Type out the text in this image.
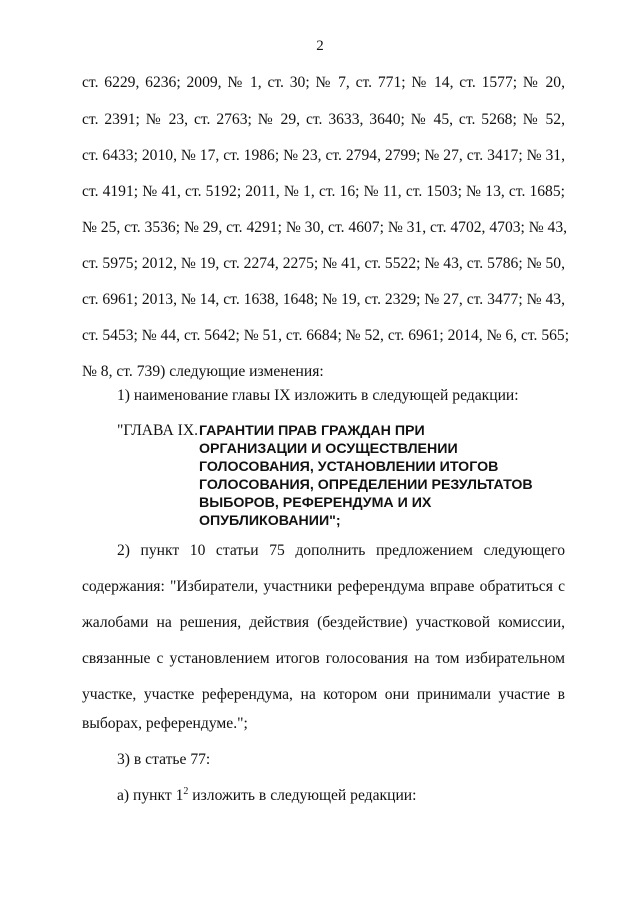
2
ст. 6229, 6236; 2009, № 1, ст. 30; № 7, ст. 771; № 14, ст. 1577; № 20,
ст. 2391; № 23, ст. 2763; № 29, ст. 3633, 3640; № 45, ст. 5268; № 52,
ст. 6433; 2010, № 17, ст. 1986; № 23, ст. 2794, 2799; № 27, ст. 3417; № 31,
ст. 4191; № 41, ст. 5192; 2011, № 1, ст. 16; № 11, ст. 1503; № 13, ст. 1685;
№ 25, ст. 3536; № 29, ст. 4291; № 30, ст. 4607; № 31, ст. 4702, 4703; № 43,
ст. 5975; 2012, № 19, ст. 2274, 2275; № 41, ст. 5522; № 43, ст. 5786; № 50,
ст. 6961; 2013, № 14, ст. 1638, 1648; № 19, ст. 2329; № 27, ст. 3477; № 43,
ст. 5453; № 44, ст. 5642; № 51, ст. 6684; № 52, ст. 6961; 2014, № 6, ст. 565;
№ 8, ст. 739) следующие изменения:
1) наименование главы IX изложить в следующей редакции:
"ГЛАВА IX. ГАРАНТИИ ПРАВ ГРАЖДАН ПРИ
ОРГАНИЗАЦИИ И ОСУЩЕСТВЛЕНИИ
ГОЛОСОВАНИЯ, УСТАНОВЛЕНИИ ИТОГОВ
ГОЛОСОВАНИЯ, ОПРЕДЕЛЕНИИ РЕЗУЛЬТАТОВ
ВЫБОРОВ, РЕФЕРЕНДУМА И ИХ
ОПУБЛИКОВАНИИ";
2) пункт 10 статьи 75 дополнить предложением следующего
содержания: "Избиратели, участники референдума вправе обратиться с
жалобами на решения, действия (бездействие) участковой комиссии,
связанные с установлением итогов голосования на том избирательном
участке, участке референдума, на котором они принимали участие в
выборах, референдуме.";
3) в статье 77:
а) пункт $1^2$ изложить в следующей редакции:
